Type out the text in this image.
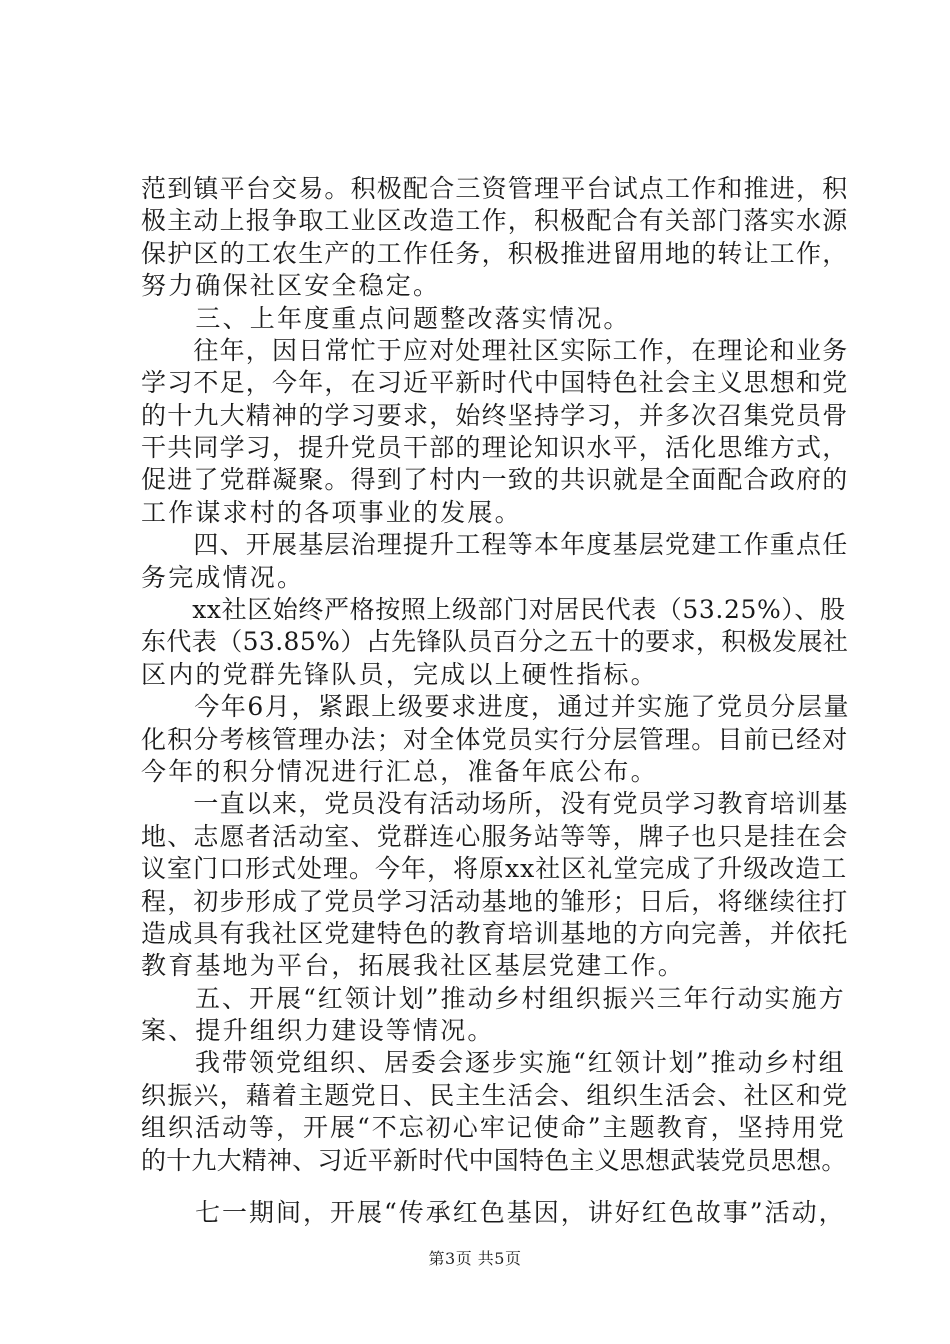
范到镇平台交易。积极配合三资管理平台试点工作和推进，积
极主动上报争取工业区改造工作，积极配合有关部门落实水源
保护区的工农生产的工作任务，积极推进留用地的转让工作，
努力确保社区安全稳定。
　　三、上年度重点问题整改落实情况。
　　往年，因日常忙于应对处理社区实际工作，在理论和业务
学习不足，今年，在习近平新时代中国特色社会主义思想和党
的十九大精神的学习要求，始终坚持学习，并多次召集党员骨
干共同学习，提升党员干部的理论知识水平，活化思维方式，
促进了党群凝聚。得到了村内一致的共识就是全面配合政府的
工作谋求村的各项事业的发展。
　　四、开展基层治理提升工程等本年度基层党建工作重点任
务完成情况。
　　xx社区始终严格按照上级部门对居民代表（53.25%）、股
东代表（53.85%）占先锋队员百分之五十的要求，积极发展社
区内的党群先锋队员，完成以上硬性指标。
　　今年6月，紧跟上级要求进度，通过并实施了党员分层量
化积分考核管理办法；对全体党员实行分层管理。目前已经对
今年的积分情况进行汇总，准备年底公布。
　　一直以来，党员没有活动场所，没有党员学习教育培训基
地、志愿者活动室、党群连心服务站等等，牌子也只是挂在会
议室门口形式处理。今年，将原xx社区礼堂完成了升级改造工
程，初步形成了党员学习活动基地的雏形；日后，将继续往打
造成具有我社区党建特色的教育培训基地的方向完善，并依托
教育基地为平台，拓展我社区基层党建工作。
　　五、开展“红领计划”推动乡村组织振兴三年行动实施方
案、提升组织力建设等情况。
　　我带领党组织、居委会逐步实施“红领计划”推动乡村组
织振兴，藉着主题党日、民主生活会、组织生活会、社区和党
组织活动等，开展“不忘初心牢记使命”主题教育，坚持用党
的十九大精神、习近平新时代中国特色主义思想武装党员思想。
　　七一期间，开展“传承红色基因，讲好红色故事”活动，
第3页 共5页
